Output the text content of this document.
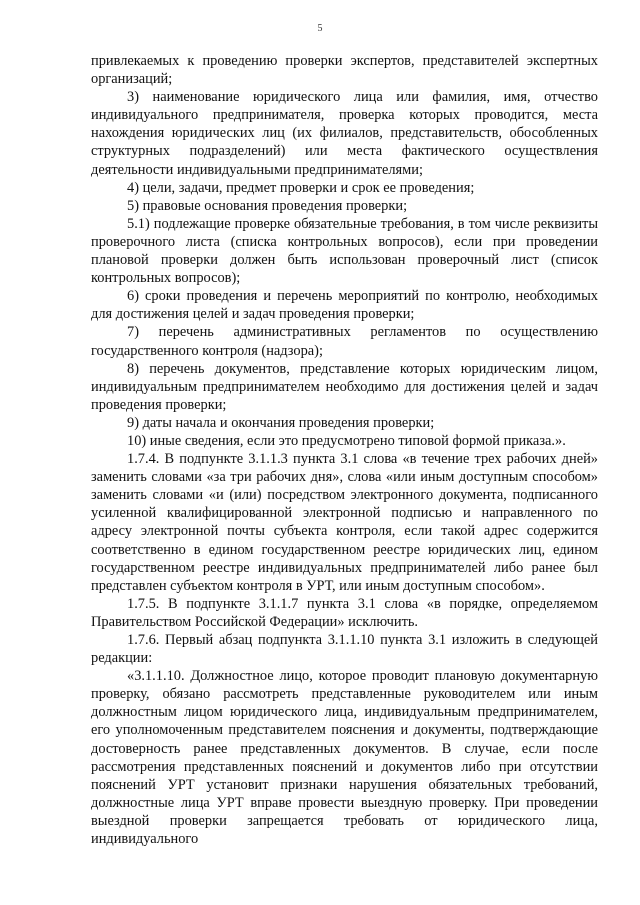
5

привлекаемых к проведению проверки экспертов, представителей экспертных организаций;

3) наименование юридического лица или фамилия, имя, отчество индивидуального предпринимателя, проверка которых проводится, места нахождения юридических лиц (их филиалов, представительств, обособленных структурных подразделений) или места фактического осуществления деятельности индивидуальными предпринимателями;

4) цели, задачи, предмет проверки и срок ее проведения;

5) правовые основания проведения проверки;

5.1) подлежащие проверке обязательные требования, в том числе реквизиты проверочного листа (списка контрольных вопросов), если при проведении плановой проверки должен быть использован проверочный лист (список контрольных вопросов);

6) сроки проведения и перечень мероприятий по контролю, необходимых для достижения целей и задач проведения проверки;

7) перечень административных регламентов по осуществлению государственного контроля (надзора);

8) перечень документов, представление которых юридическим лицом, индивидуальным предпринимателем необходимо для достижения целей и задач проведения проверки;

9) даты начала и окончания проведения проверки;

10) иные сведения, если это предусмотрено типовой формой приказа.».

1.7.4. В подпункте 3.1.1.3 пункта 3.1 слова «в течение трех рабочих дней» заменить словами «за три рабочих дня», слова «или иным доступным способом» заменить словами «и (или) посредством электронного документа, подписанного усиленной квалифицированной электронной подписью и направленного по адресу электронной почты субъекта контроля, если такой адрес содержится соответственно в едином государственном реестре юридических лиц, едином государственном реестре индивидуальных предпринимателей либо ранее был представлен субъектом контроля в УРТ, или иным доступным способом».

1.7.5. В подпункте 3.1.1.7 пункта 3.1 слова «в порядке, определяемом Правительством Российской Федерации» исключить.

1.7.6. Первый абзац подпункта 3.1.1.10 пункта 3.1 изложить в следующей редакции:

«3.1.1.10. Должностное лицо, которое проводит плановую документарную проверку, обязано рассмотреть представленные руководителем или иным должностным лицом юридического лица, индивидуальным предпринимателем, его уполномоченным представителем пояснения и документы, подтверждающие достоверность ранее представленных документов. В случае, если после рассмотрения представленных пояснений и документов либо при отсутствии пояснений УРТ установит признаки нарушения обязательных требований, должностные лица УРТ вправе провести выездную проверку. При проведении выездной проверки запрещается требовать от юридического лица, индивидуального
